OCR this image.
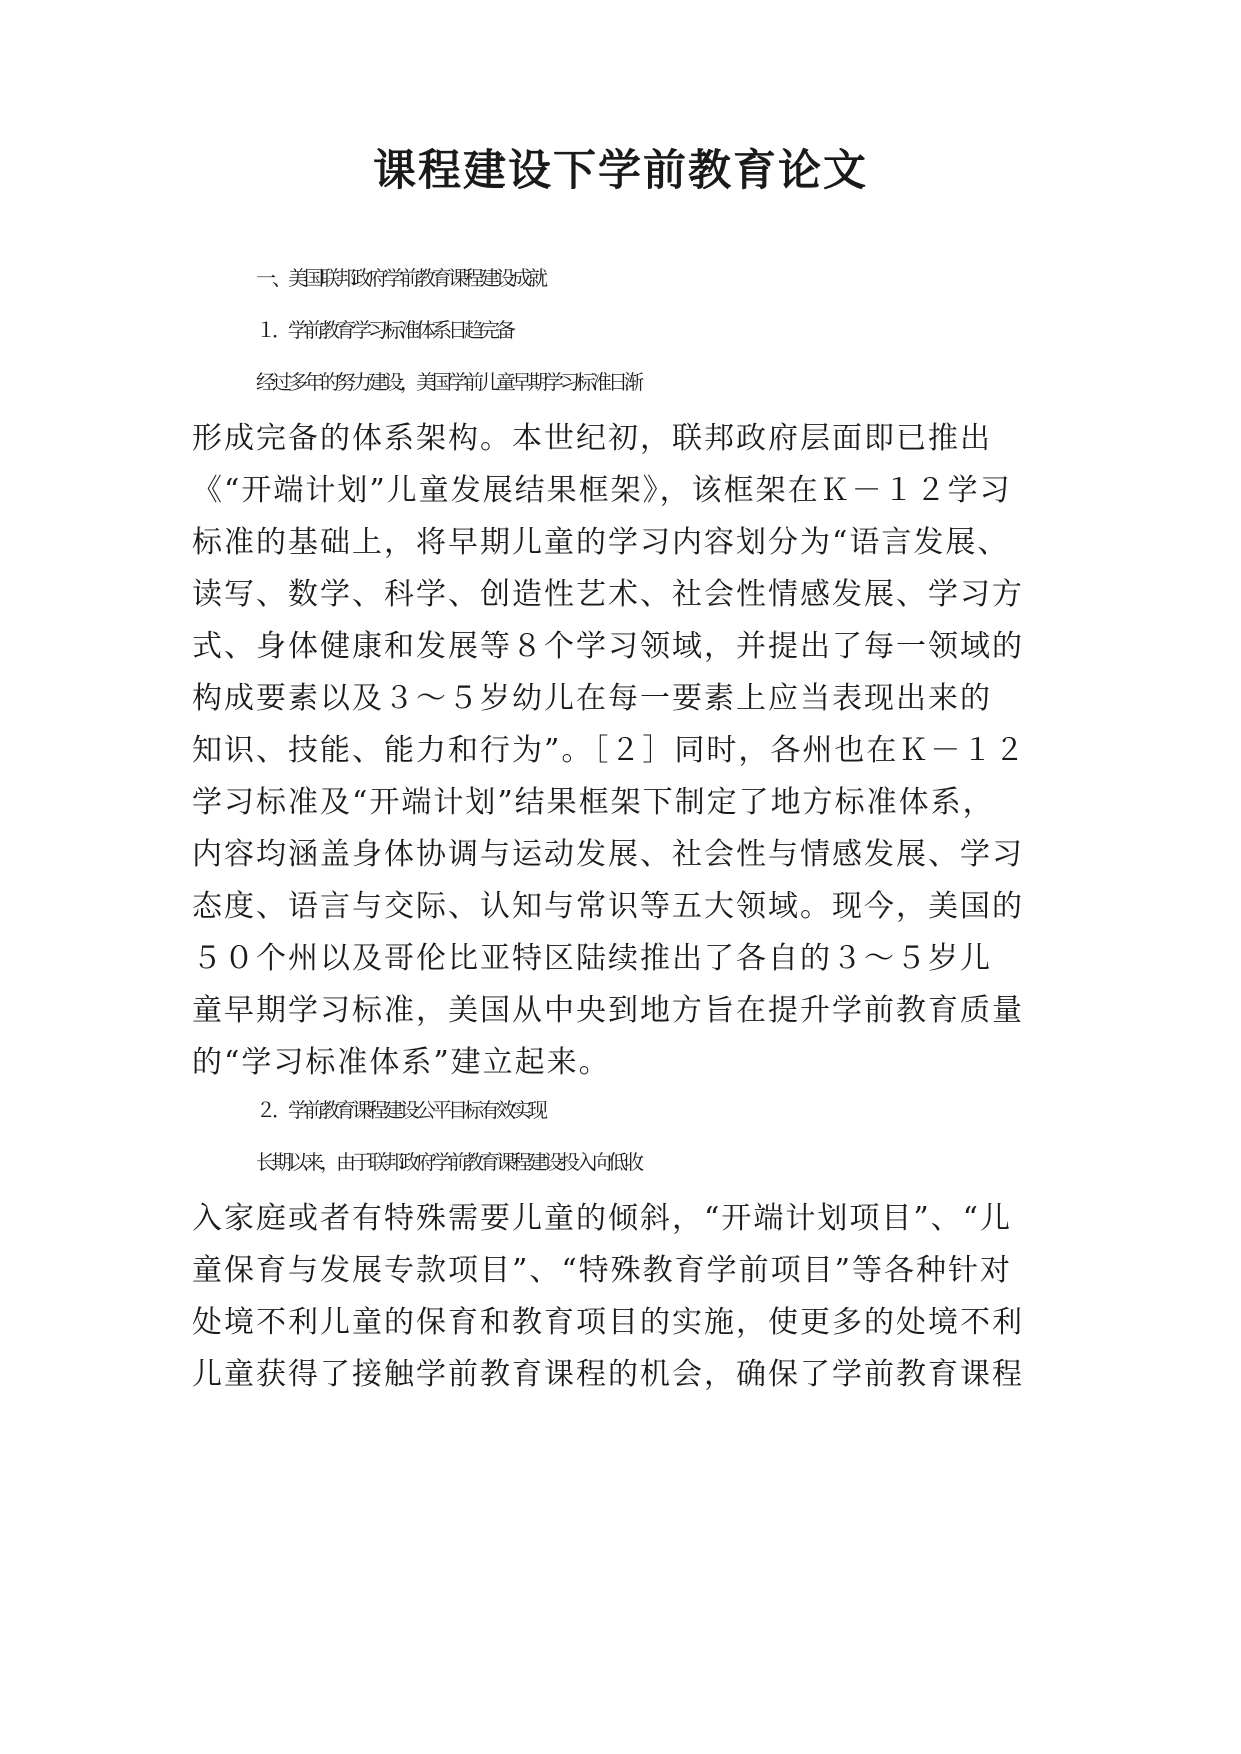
课程建设下学前教育论文
一、美国联邦政府学前教育课程建设成就
１．学前教育学习标准体系日趋完备
经过多年的努力建设，美国学前儿童早期学习标准日渐
形成完备的体系架构。本世纪初，联邦政府层面即已推出
《“开端计划”儿童发展结果框架》，该框架在Ｋ－１２学习
标准的基础上，将早期儿童的学习内容划分为“语言发展、
读写、数学、科学、创造性艺术、社会性情感发展、学习方
式、身体健康和发展等８个学习领域，并提出了每一领域的
构成要素以及３～５岁幼儿在每一要素上应当表现出来的
知识、技能、能力和行为”。［２］同时，各州也在Ｋ－１２
学习标准及“开端计划”结果框架下制定了地方标准体系，
内容均涵盖身体协调与运动发展、社会性与情感发展、学习
态度、语言与交际、认知与常识等五大领域。现今，美国的
５０个州以及哥伦比亚特区陆续推出了各自的３～５岁儿
童早期学习标准，美国从中央到地方旨在提升学前教育质量
的“学习标准体系”建立起来。
２．学前教育课程建设公平目标有效实现
长期以来，由于联邦政府学前教育课程建设投入向低收
入家庭或者有特殊需要儿童的倾斜，“开端计划项目”、“儿
童保育与发展专款项目”、“特殊教育学前项目”等各种针对
处境不利儿童的保育和教育项目的实施，使更多的处境不利
儿童获得了接触学前教育课程的机会，确保了学前教育课程
